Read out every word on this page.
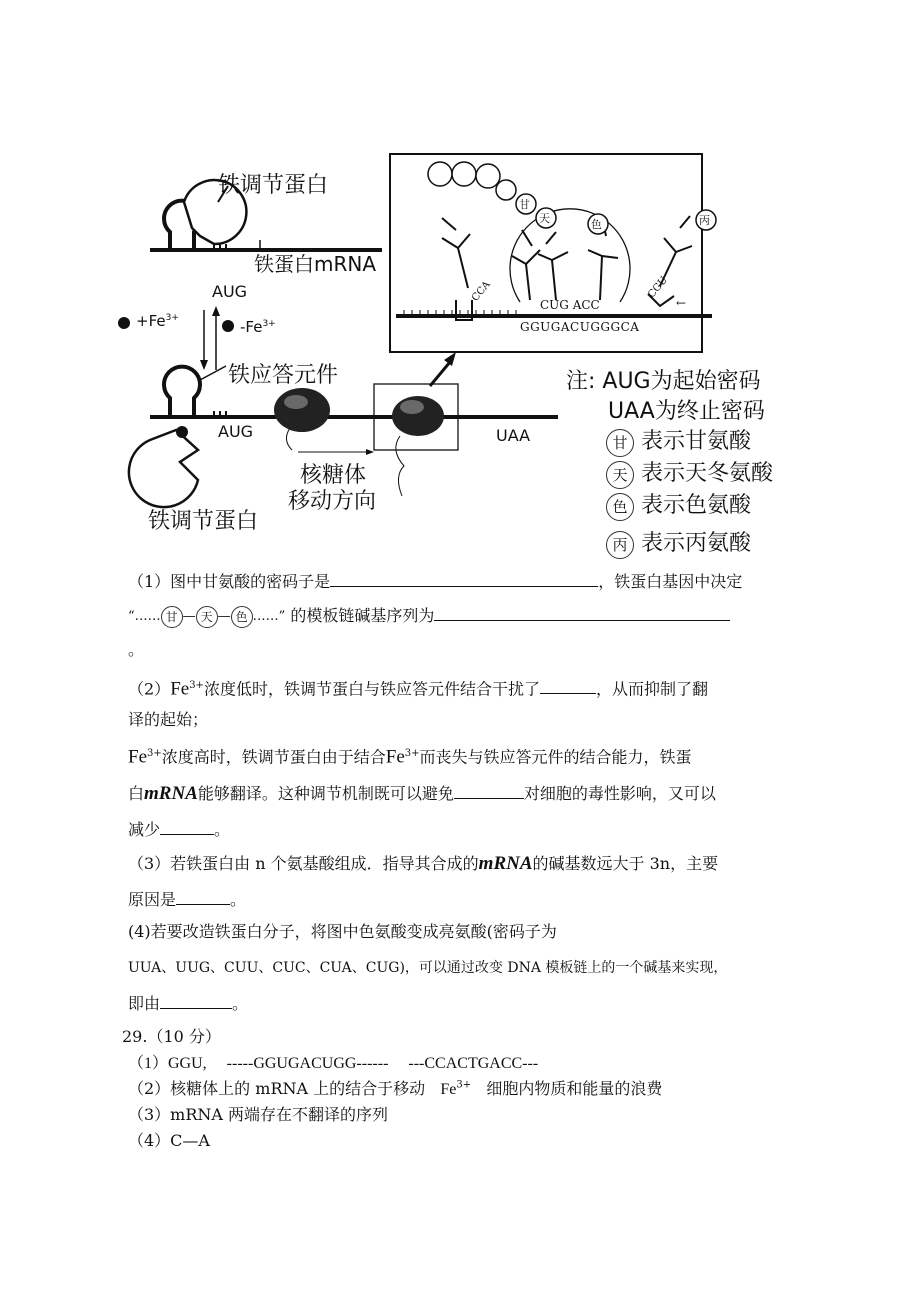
铁调节蛋白
铁蛋白mRNA
AUG
$+Fe^{3+}$	$-Fe^{3+}$
铁应答元件
AUG	UAA
核糖体
移动方向
铁调节蛋白
CCA	CGU
CUG ACC
GGUGACUGGGCA
←
甘
天	色	丙
注: AUG为起始密码
UAA为终止密码
甘 表示甘氨酸
天 表示天冬氨酸
色 表示色氨酸
丙 表示丙氨酸
（1）图中甘氨酸的密码子是	，铁蛋白基因中决定
“…… 甘 — 天 — 色 ……” 的模板链碱基序列为
。
$(2)Fe^{3+}$浓度低时，铁调节蛋白与铁应答元件结合干扰了	，从而抑制了翻
译的起始；
$Fe^{3+}$浓度高时，铁调节蛋白由于结合$Fe^{3+}$而丧失与铁应答元件的结合能力，铁蛋
白mRNA能够翻译。这种调节机制既可以避免	对细胞的毒性影响，又可以
减少	。
（3）若铁蛋白由 n 个氨基酸组成．指导其合成的mRNA的碱基数远大于 3n，主要
原因是	。
(4)若要改造铁蛋白分子，将图中色氨酸变成亮氨酸(密码子为
UUA、UUG、CUU、CUC、CUA、CUG)，可以通过改变 DNA 模板链上的一个碱基来实现，
即由	。
29.（10 分）
（1）GGU, -----GGUGACUGG------ ---CCACTGACC---
（2）核糖体上的 mRNA 上的结合于移动 $Fe^{3+}$ 细胞内物质和能量的浪费
（3）mRNA 两端存在不翻译的序列
（4）C—A
